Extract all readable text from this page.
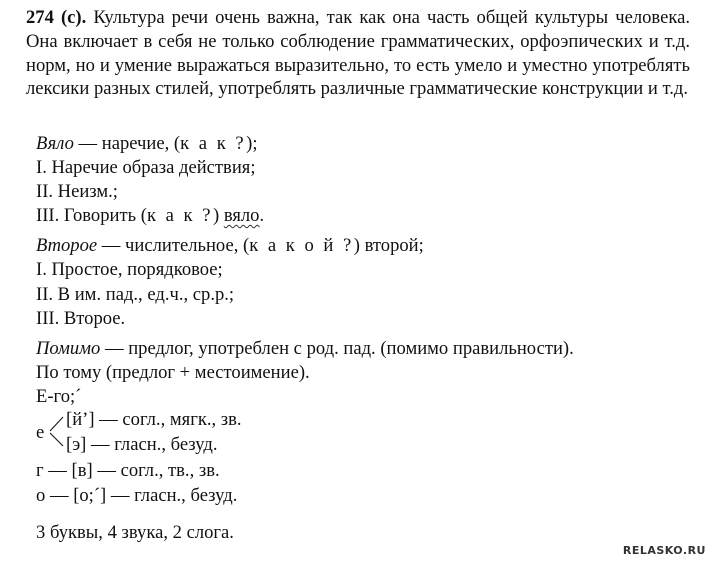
274 (с). Культура речи очень важна, так как она часть общей культуры человека. Она включает в себя не только соблюдение грамматических, орфоэпических и т.д. норм, но и умение выражаться выразительно, то есть умело и уместно употреблять лексики разных стилей, употреблять различные грамматические конструкции и т.д.
Вяло — наречие, (к а к ?);
I. Наречие образа действия;
II. Неизм.;
III. Говорить (к а к ?) вяло.
Второе — числительное, (к а к о й ?) второй;
I. Простое, порядковое;
II. В им. пад., ед.ч., ср.р.;
III. Второе.
Помимо — предлог, употреблен с род. пад. (помимо правильности).
По тому (предлог + местоимение).
Е-го;´
е
[й’] — согл., мягк., зв.
[э] — гласн., безуд.
г — [в] — согл., тв., зв.
о — [о;´] — гласн., безуд.
3 буквы, 4 звука, 2 слога.
RELASKO.RU
